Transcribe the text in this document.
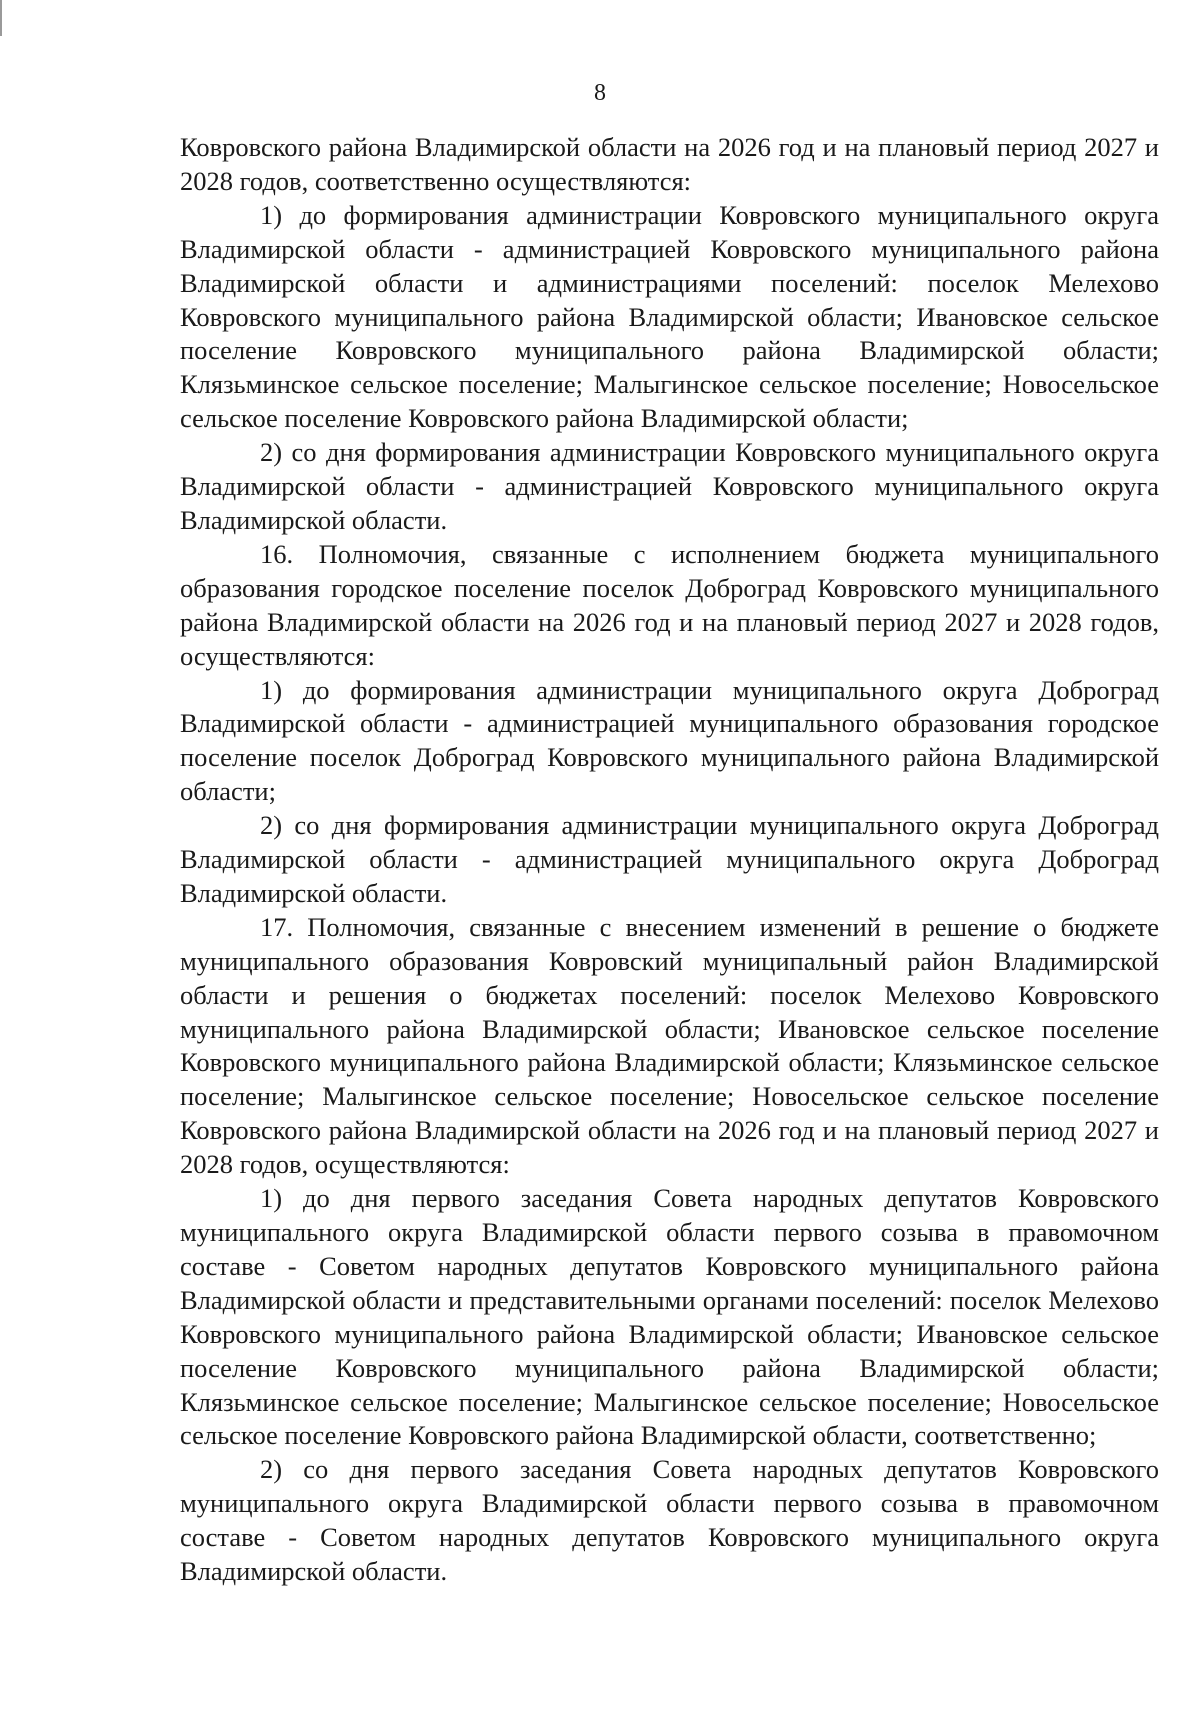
8

Ковровского района Владимирской области на 2026 год и на плановый период 2027 и 2028 годов, соответственно осуществляются:

1) до формирования администрации Ковровского муниципального округа Владимирской области - администрацией Ковровского муниципального района Владимирской области и администрациями поселений: поселок Мелехово Ковровского муниципального района Владимирской области; Ивановское сельское поселение Ковровского муниципального района Владимирской области; Клязьминское сельское поселение; Малыгинское сельское поселение; Новосельское сельское поселение Ковровского района Владимирской области;

2) со дня формирования администрации Ковровского муниципального округа Владимирской области - администрацией Ковровского муниципального округа Владимирской области.

16. Полномочия, связанные с исполнением бюджета муниципального образования городское поселение поселок Доброград Ковровского муниципального района Владимирской области на 2026 год и на плановый период 2027 и 2028 годов, осуществляются:

1) до формирования администрации муниципального округа Доброград Владимирской области - администрацией муниципального образования городское поселение поселок Доброград Ковровского муниципального района Владимирской области;

2) со дня формирования администрации муниципального округа Доброград Владимирской области - администрацией муниципального округа Доброград Владимирской области.

17. Полномочия, связанные с внесением изменений в решение о бюджете муниципального образования Ковровский муниципальный район Владимирской области и решения о бюджетах поселений: поселок Мелехово Ковровского муниципального района Владимирской области; Ивановское сельское поселение Ковровского муниципального района Владимирской области; Клязьминское сельское поселение; Малыгинское сельское поселение; Новосельское сельское поселение Ковровского района Владимирской области на 2026 год и на плановый период 2027 и 2028 годов, осуществляются:

1) до дня первого заседания Совета народных депутатов Ковровского муниципального округа Владимирской области первого созыва в правомочном составе - Советом народных депутатов Ковровского муниципального района Владимирской области и представительными органами поселений: поселок Мелехово Ковровского муниципального района Владимирской области; Ивановское сельское поселение Ковровского муниципального района Владимирской области; Клязьминское сельское поселение; Малыгинское сельское поселение; Новосельское сельское поселение Ковровского района Владимирской области, соответственно;

2) со дня первого заседания Совета народных депутатов Ковровского муниципального округа Владимирской области первого созыва в правомочном составе - Советом народных депутатов Ковровского муниципального округа Владимирской области.
